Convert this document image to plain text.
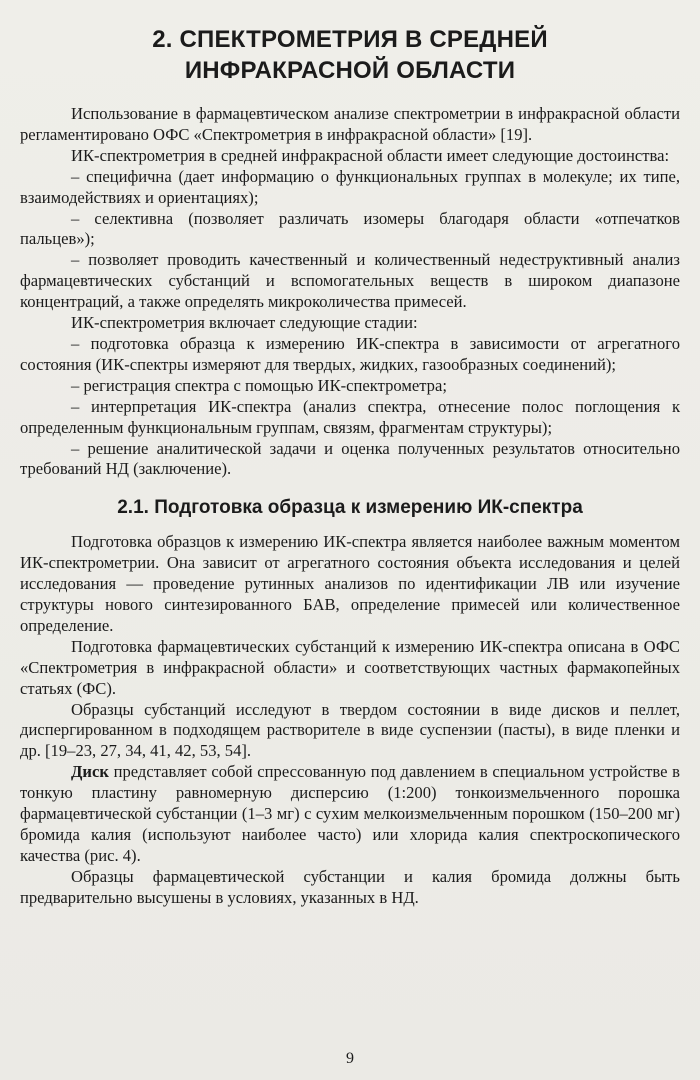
2. СПЕКТРОМЕТРИЯ В СРЕДНЕЙ
ИНФРАКРАСНОЙ ОБЛАСТИ

Использование в фармацевтическом анализе спектрометрии в инфракрасной области регламентировано ОФС «Спектрометрия в инфракрасной области» [19].

ИК-спектрометрия в средней инфракрасной области имеет следующие достоинства:

– специфична (дает информацию о функциональных группах в молекуле; их типе, взаимодействиях и ориентациях);

– селективна (позволяет различать изомеры благодаря области «отпечатков пальцев»);

– позволяет проводить качественный и количественный недеструктивный анализ фармацевтических субстанций и вспомогательных веществ в широком диапазоне концентраций, а также определять микроколичества примесей.

ИК-спектрометрия включает следующие стадии:

– подготовка образца к измерению ИК-спектра в зависимости от агрегатного состояния (ИК-спектры измеряют для твердых, жидких, газообразных соединений);

– регистрация спектра с помощью ИК-спектрометра;

– интерпретация ИК-спектра (анализ спектра, отнесение полос поглощения к определенным функциональным группам, связям, фрагментам структуры);

– решение аналитической задачи и оценка полученных результатов относительно требований НД (заключение).

2.1. Подготовка образца к измерению ИК-спектра

Подготовка образцов к измерению ИК-спектра является наиболее важным моментом ИК-спектрометрии. Она зависит от агрегатного состояния объекта исследования и целей исследования — проведение рутинных анализов по идентификации ЛВ или изучение структуры нового синтезированного БАВ, определение примесей или количественное определение.

Подготовка фармацевтических субстанций к измерению ИК-спектра описана в ОФС «Спектрометрия в инфракрасной области» и соответствующих частных фармакопейных статьях (ФС).

Образцы субстанций исследуют в твердом состоянии в виде дисков и пеллет, диспергированном в подходящем растворителе в виде суспензии (пасты), в виде пленки и др. [19–23, 27, 34, 41, 42, 53, 54].

Диск представляет собой спрессованную под давлением в специальном устройстве в тонкую пластину равномерную дисперсию (1:200) тонкоизмельченного порошка фармацевтической субстанции (1–3 мг) с сухим мелкоизмельченным порошком (150–200 мг) бромида калия (используют наиболее часто) или хлорида калия спектроскопического качества (рис. 4).

Образцы фармацевтической субстанции и калия бромида должны быть предварительно высушены в условиях, указанных в НД.

9
